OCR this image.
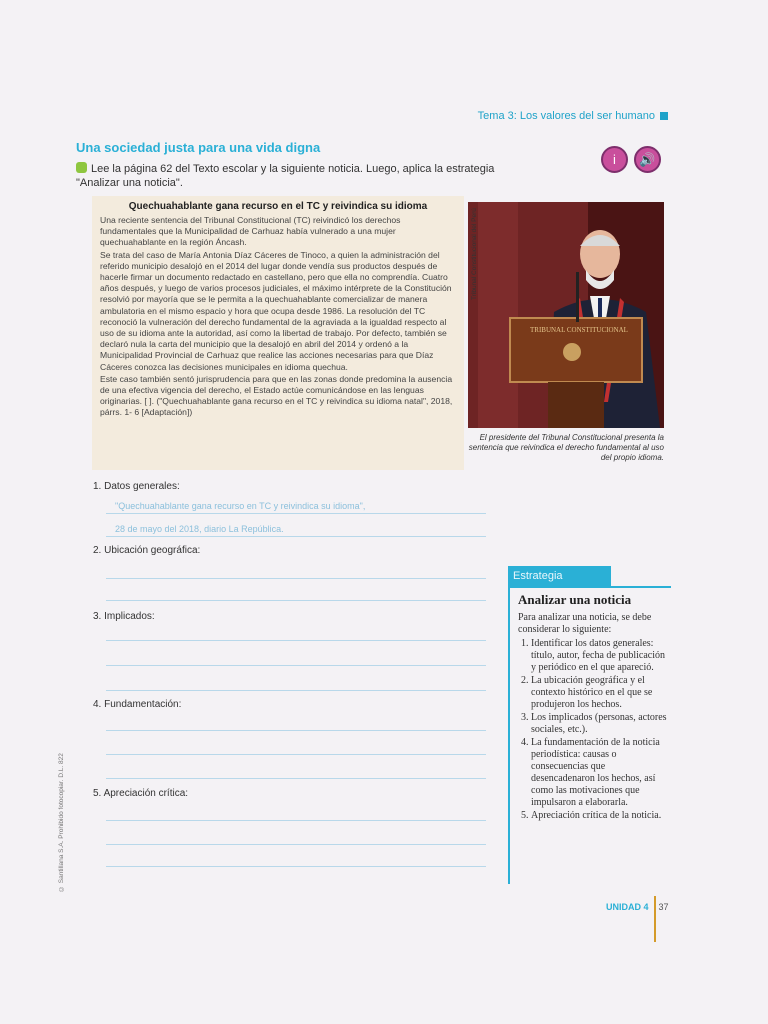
Tema 3: Los valores del ser humano
Una sociedad justa para una vida digna
i	🔊
Lee la página 62 del Texto escolar y la siguiente noticia. Luego, aplica la estrategia "Analizar una noticia".
Quechuahablante gana recurso en el TC y reivindica su idioma

Una reciente sentencia del Tribunal Constitucional (TC) reivindicó los derechos fundamentales que la Municipalidad de Carhuaz había vulnerado a una mujer quechuahablante en la región Áncash.

Se trata del caso de María Antonia Díaz Cáceres de Tinoco, a quien la administración del referido municipio desalojó en el 2014 del lugar donde vendía sus productos después de hacerle firmar un documento redactado en castellano, pero que ella no comprendía. Cuatro años después, y luego de varios procesos judiciales, el máximo intérprete de la Constitución resolvió por mayoría que se le permita a la quechuahablante comercializar de manera ambulatoria en el mismo espacio y hora que ocupa desde 1986. La resolución del TC reconoció la vulneración del derecho fundamental de la agraviada a la igualdad respecto al uso de su idioma ante la autoridad, así como la libertad de trabajo. Por defecto, también se declaró nula la carta del municipio que la desalojó en abril del 2014 y ordenó a la Municipalidad Provincial de Carhuaz que realice las acciones necesarias para que Díaz Cáceres conozca las decisiones municipales en idioma quechua.

Este caso también sentó jurisprudencia para que en las zonas donde predomina la ausencia de una efectiva vigencia del derecho, el Estado actúe comunicándose en las lenguas originarias. [ ]. ("Quechuahablante gana recurso en el TC y reivindica su idioma natal", 2018, párrs. 1- 6 [Adaptación])

TRIBUNAL CONSTITUCIONAL
Tribunal Constitucional del Perú
El presidente del Tribunal Constitucional presenta la sentencia que reivindica el derecho fundamental al uso del propio idioma.
1. Datos generales:
"Quechuahablante gana recurso en TC y reivindica su idioma",
28 de mayo del 2018, diario La República.
2. Ubicación geográfica:
3. Implicados:
4. Fundamentación:
5. Apreciación crítica:
Estrategia
Analizar una noticia
Para analizar una noticia, se debe considerar lo siguiente:
1. Identificar los datos generales: título, autor, fecha de publicación y periódico en el que apareció.
2. La ubicación geográfica y el contexto histórico en el que se produjeron los hechos.
3. Los implicados (personas, actores sociales, etc.).
4. La fundamentación de la noticia periodística: causas o consecuencias que desencadenaron los hechos, así como las motivaciones que impulsaron a elaborarla.
5. Apreciación crítica de la noticia.
UNIDAD 4 37
© Santillana S.A. Prohibido fotocopiar. D.L. 822
